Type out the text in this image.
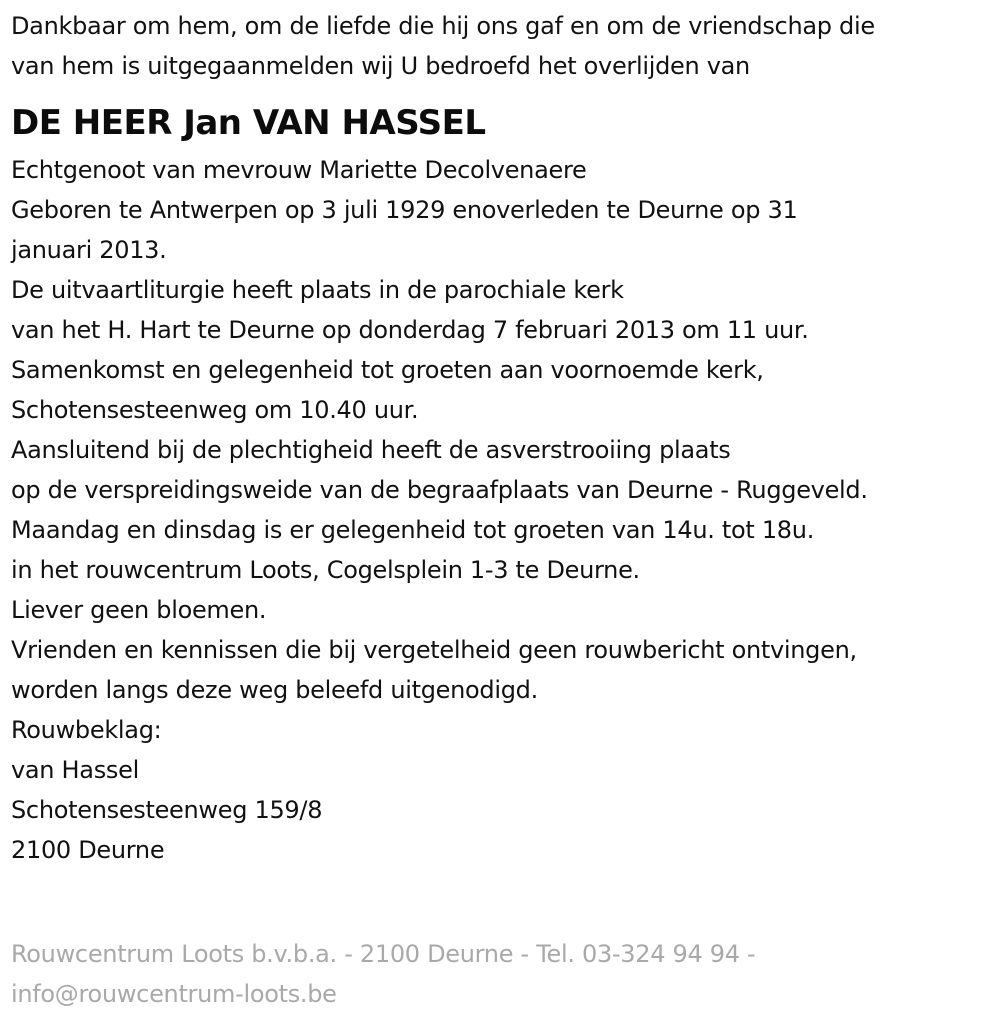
Dankbaar om hem, om de liefde die hij ons gaf en om de vriendschap die
van hem is uitgegaanmelden wij U bedroefd het overlijden van
DE HEER Jan VAN HASSEL
Echtgenoot van mevrouw Mariette Decolvenaere
Geboren te Antwerpen op 3 juli 1929 enoverleden te Deurne op 31
januari 2013.
De uitvaartliturgie heeft plaats in de parochiale kerk
van het H. Hart te Deurne op donderdag 7 februari 2013 om 11 uur.
Samenkomst en gelegenheid tot groeten aan voornoemde kerk,
Schotensesteenweg om 10.40 uur.
Aansluitend bij de plechtigheid heeft de asverstrooiing plaats
op de verspreidingsweide van de begraafplaats van Deurne - Ruggeveld.
Maandag en dinsdag is er gelegenheid tot groeten van 14u. tot 18u.
in het rouwcentrum Loots, Cogelsplein 1-3 te Deurne.
Liever geen bloemen.
Vrienden en kennissen die bij vergetelheid geen rouwbericht ontvingen,
worden langs deze weg beleefd uitgenodigd.
Rouwbeklag:
van Hassel
Schotensesteenweg 159/8
2100 Deurne
Rouwcentrum Loots b.v.b.a. - 2100 Deurne - Tel. 03-324 94 94 -
info@rouwcentrum-loots.be
